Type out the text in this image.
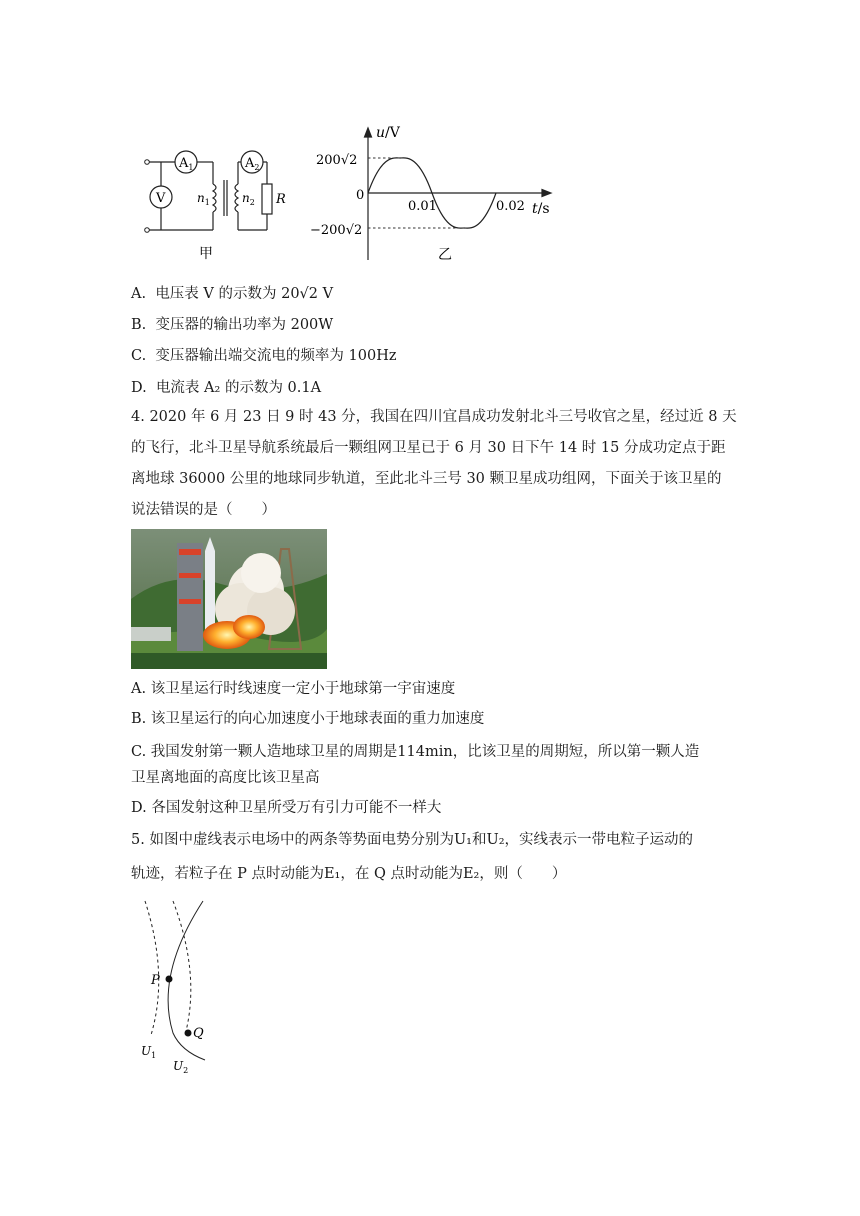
V
$A_1$	$A_2$
$n_1$	$n_2$ R
甲
u/V
200√2
0
−200√2
0.01	0.02 t/s
乙
A. 电压表 V 的示数为 20√2 V
B. 变压器的输出功率为 200W
C. 变压器输出端交流电的频率为 100Hz
D. 电流表 A₂ 的示数为 0.1A
4. 2020 年 6 月 23 日 9 时 43 分，我国在四川宜昌成功发射北斗三号收官之星，经过近 8 天
的飞行，北斗卫星导航系统最后一颗组网卫星已于 6 月 30 日下午 14 时 15 分成功定点于距
离地球 36000 公里的地球同步轨道，至此北斗三号 30 颗卫星成功组网，下面关于该卫星的
说法错误的是（　　）
A. 该卫星运行时线速度一定小于地球第一宇宙速度
B. 该卫星运行的向心加速度小于地球表面的重力加速度
C. 我国发射第一颗人造地球卫星的周期是114min，比该卫星的周期短，所以第一颗人造
卫星离地面的高度比该卫星高
D. 各国发射这种卫星所受万有引力可能不一样大
5. 如图中虚线表示电场中的两条等势面电势分别为U₁和U₂，实线表示一带电粒子运动的
轨迹，若粒子在 P 点时动能为E₁，在 Q 点时动能为E₂，则（　　）
P
Q
$U_1$
$U_2$
